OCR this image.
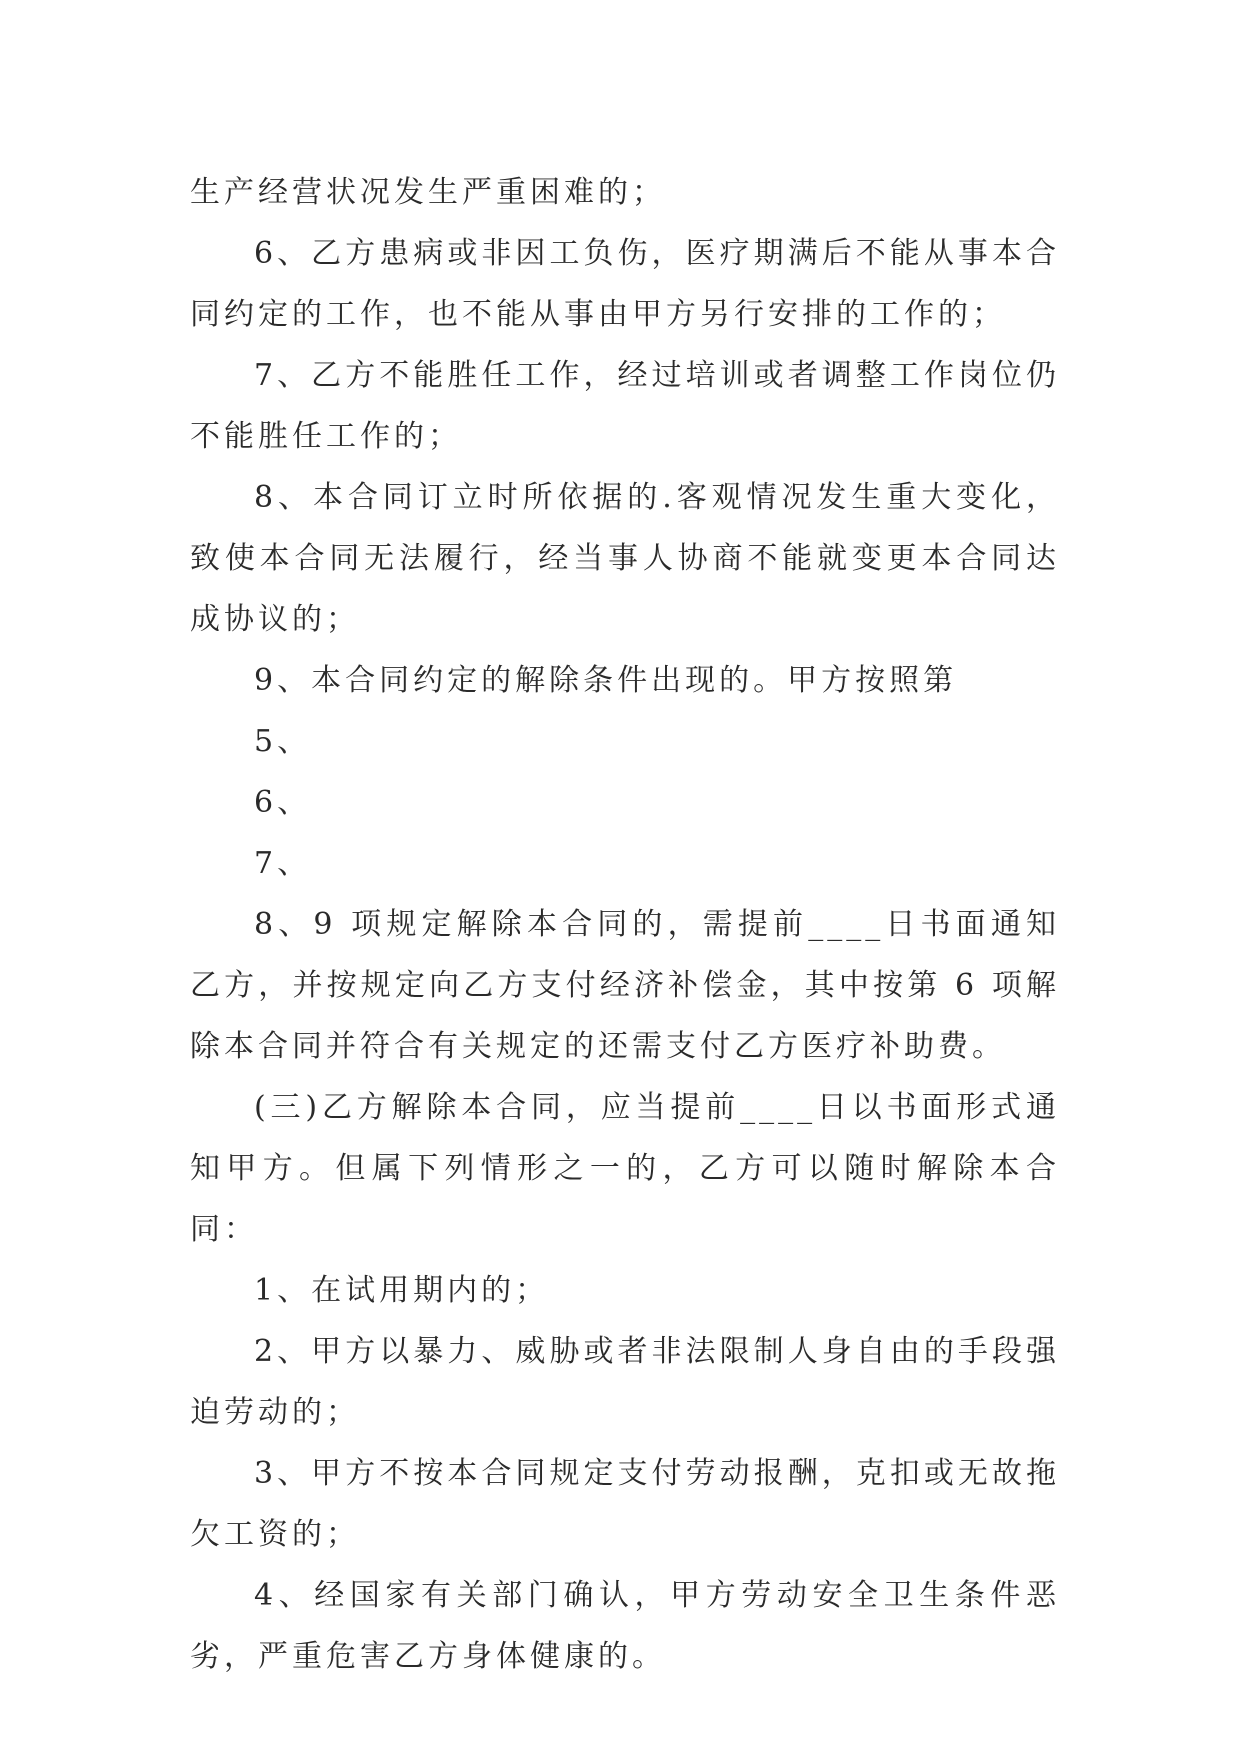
生产经营状况发生严重困难的；

6、乙方患病或非因工负伤，医疗期满后不能从事本合同约定的工作，也不能从事由甲方另行安排的工作的；

7、乙方不能胜任工作，经过培训或者调整工作岗位仍不能胜任工作的；

8、本合同订立时所依据的.客观情况发生重大变化，致使本合同无法履行，经当事人协商不能就变更本合同达成协议的；

9、本合同约定的解除条件出现的。甲方按照第

5、

6、

7、

8、9 项规定解除本合同的，需提前____日书面通知乙方，并按规定向乙方支付经济补偿金，其中按第 6 项解除本合同并符合有关规定的还需支付乙方医疗补助费。

(三)乙方解除本合同，应当提前____日以书面形式通知甲方。但属下列情形之一的，乙方可以随时解除本合同：

1、在试用期内的；

2、甲方以暴力、威胁或者非法限制人身自由的手段强迫劳动的；

3、甲方不按本合同规定支付劳动报酬，克扣或无故拖欠工资的；

4、经国家有关部门确认，甲方劳动安全卫生条件恶劣，严重危害乙方身体健康的。
